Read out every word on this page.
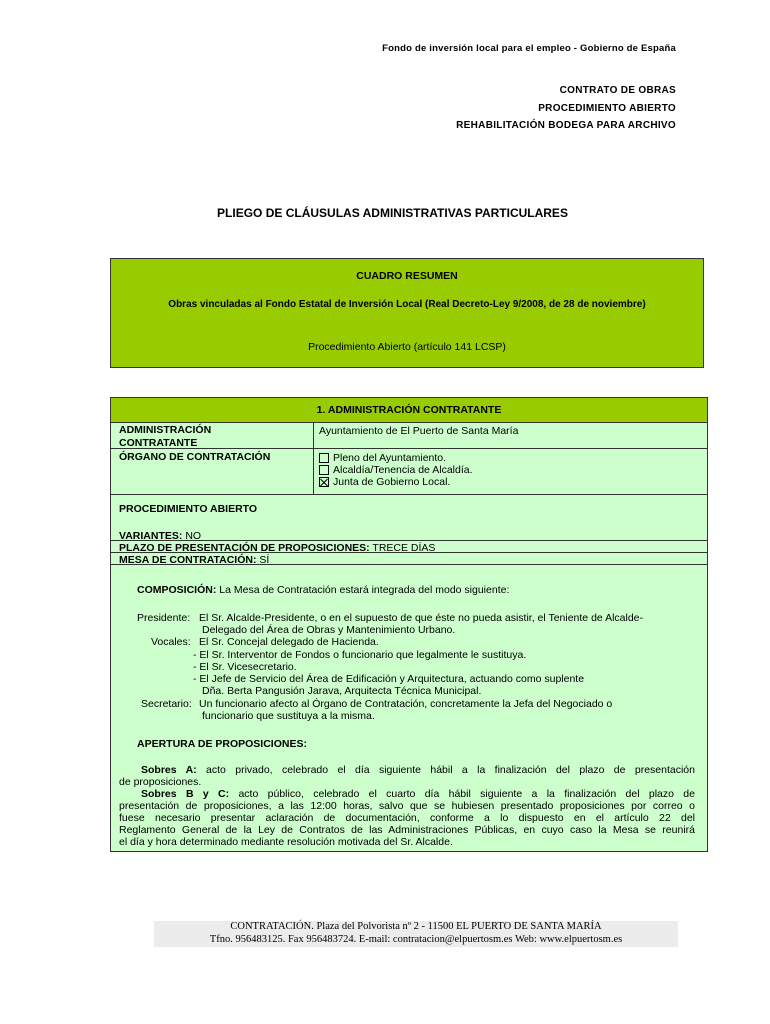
Fondo de inversión local para el empleo - Gobierno de España
CONTRATO DE OBRAS
PROCEDIMIENTO ABIERTO
REHABILITACIÓN BODEGA PARA ARCHIVO
PLIEGO DE CLÁUSULAS ADMINISTRATIVAS PARTICULARES
CUADRO RESUMEN
Obras vinculadas al Fondo Estatal de Inversión Local (Real Decreto-Ley 9/2008, de 28 de noviembre)
Procedimiento Abierto (artículo 141 LCSP)
1. ADMINISTRACIÓN CONTRATANTE
ADMINISTRACIÓN
CONTRATANTE
Ayuntamiento de El Puerto de Santa María
ÓRGANO DE CONTRATACIÓN	Pleno del Ayuntamiento.
Alcaldía/Tenencia de Alcaldía.
Junta de Gobierno Local.
PROCEDIMIENTO ABIERTO
VARIANTES: NO
PLAZO DE PRESENTACIÓN DE PROPOSICIONES: TRECE DÍAS
MESA DE CONTRATACIÓN: SÍ
COMPOSICIÓN: La Mesa de Contratación estará integrada del modo siguiente:
Presidente: El Sr. Alcalde-Presidente, o en el supuesto de que éste no pueda asistir, el Teniente de Alcalde-
Delegado del Área de Obras y Mantenimiento Urbano.
Vocales: El Sr. Concejal delegado de Hacienda.
- El Sr. Interventor de Fondos o funcionario que legalmente le sustituya.
- El Sr. Vicesecretario.
- El Jefe de Servicio del Área de Edificación y Arquitectura, actuando como suplente
Dña. Berta Pangusión Jarava, Arquitecta Técnica Municipal.
Secretario: Un funcionario afecto al Órgano de Contratación, concretamente la Jefa del Negociado o
funcionario que sustituya a la misma.
APERTURA DE PROPOSICIONES:
Sobres A: acto privado, celebrado el día siguiente hábil a la finalización del plazo de presentación
de proposiciones.
Sobres B y C: acto público, celebrado el cuarto día hábil siguiente a la finalización del plazo de
presentación de proposiciones, a las 12:00 horas, salvo que se hubiesen presentado proposiciones por correo o
fuese necesario presentar aclaración de documentación, conforme a lo dispuesto en el artículo 22 del
Reglamento General de la Ley de Contratos de las Administraciones Públicas, en cuyo caso la Mesa se reunirá
el día y hora determinado mediante resolución motivada del Sr. Alcalde.
CONTRATACIÓN. Plaza del Polvorista nº 2 - 11500 EL PUERTO DE SANTA MARÍA
Tfno. 956483125. Fax 956483724. E-mail: contratacion@elpuertosm.es Web: www.elpuertosm.es
